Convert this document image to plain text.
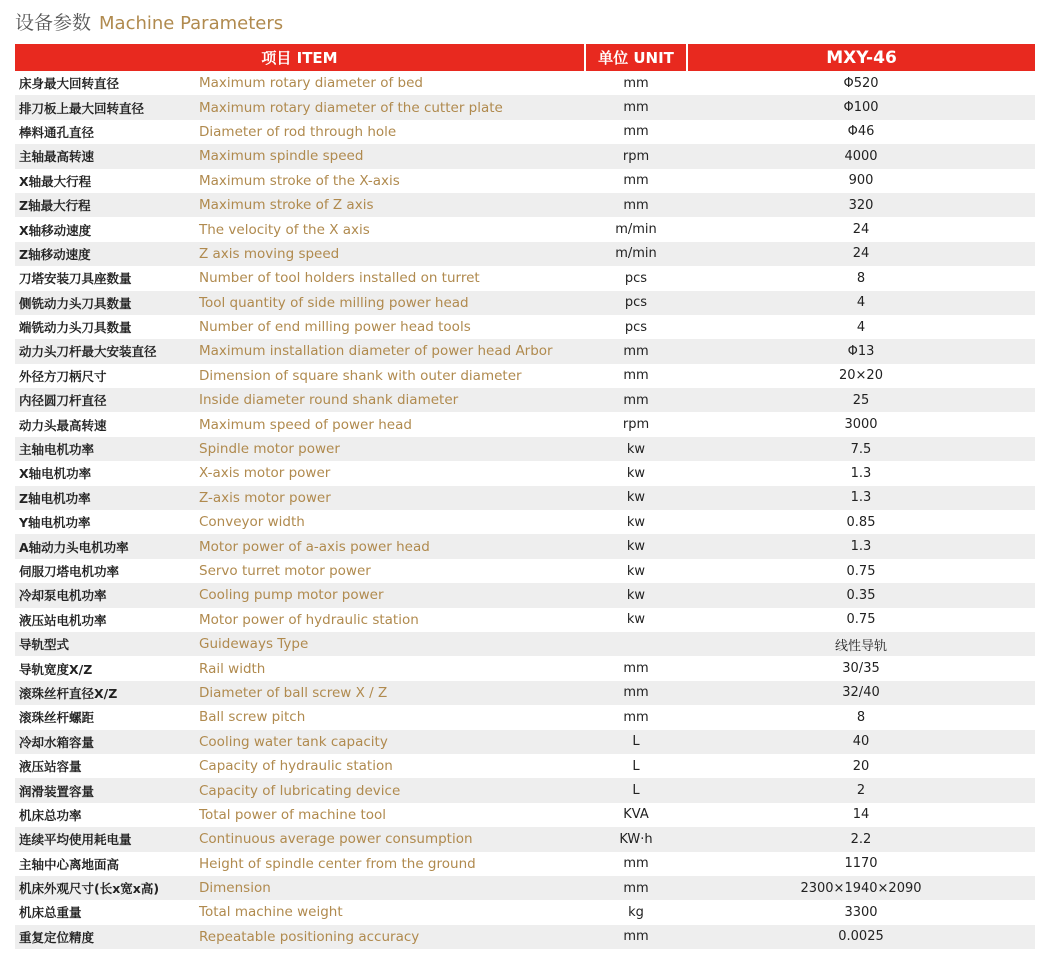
设备参数 Machine Parameters
项目 ITEM		单位 UNIT	MXY-46
床身最大回转直径	Maximum rotary diameter of bed	mm	Φ520
排刀板上最大回转直径	Maximum rotary diameter of the cutter plate	mm	Φ100
棒料通孔直径	Diameter of rod through hole	mm	Φ46
主轴最高转速	Maximum spindle speed	rpm	4000
X轴最大行程	Maximum stroke of the X-axis	mm	900
Z轴最大行程	Maximum stroke of Z axis	mm	320
X轴移动速度	The velocity of the X axis	m/min	24
Z轴移动速度	Z axis moving speed	m/min	24
刀塔安装刀具座数量	Number of tool holders installed on turret	pcs	8
侧铣动力头刀具数量	Tool quantity of side milling power head	pcs	4
端铣动力头刀具数量	Number of end milling power head tools	pcs	4
动力头刀杆最大安装直径	Maximum installation diameter of power head Arbor	mm	Φ13
外径方刀柄尺寸	Dimension of square shank with outer diameter	mm	20×20
内径圆刀杆直径	Inside diameter round shank diameter	mm	25
动力头最高转速	Maximum speed of power head	rpm	3000
主轴电机功率	Spindle motor power	kw	7.5
X轴电机功率	X-axis motor power	kw	1.3
Z轴电机功率	Z-axis motor power	kw	1.3
Y轴电机功率	Conveyor width	kw	0.85
A轴动力头电机功率	Motor power of a-axis power head	kw	1.3
伺服刀塔电机功率	Servo turret motor power	kw	0.75
冷却泵电机功率	Cooling pump motor power	kw	0.35
液压站电机功率	Motor power of hydraulic station	kw	0.75
导轨型式	Guideways Type		线性导轨
导轨宽度X/Z	Rail width	mm	30/35
滚珠丝杆直径X/Z	Diameter of ball screw X / Z	mm	32/40
滚珠丝杆螺距	Ball screw pitch	mm	8
冷却水箱容量	Cooling water tank capacity	L	40
液压站容量	Capacity of hydraulic station	L	20
润滑装置容量	Capacity of lubricating device	L	2
机床总功率	Total power of machine tool	KVA	14
连续平均使用耗电量	Continuous average power consumption	KW·h	2.2
主轴中心离地面高	Height of spindle center from the ground	mm	1170
机床外观尺寸(长x宽x高)	Dimension	mm	2300×1940×2090
机床总重量	Total machine weight	kg	3300
重复定位精度	Repeatable positioning accuracy	mm	0.0025
